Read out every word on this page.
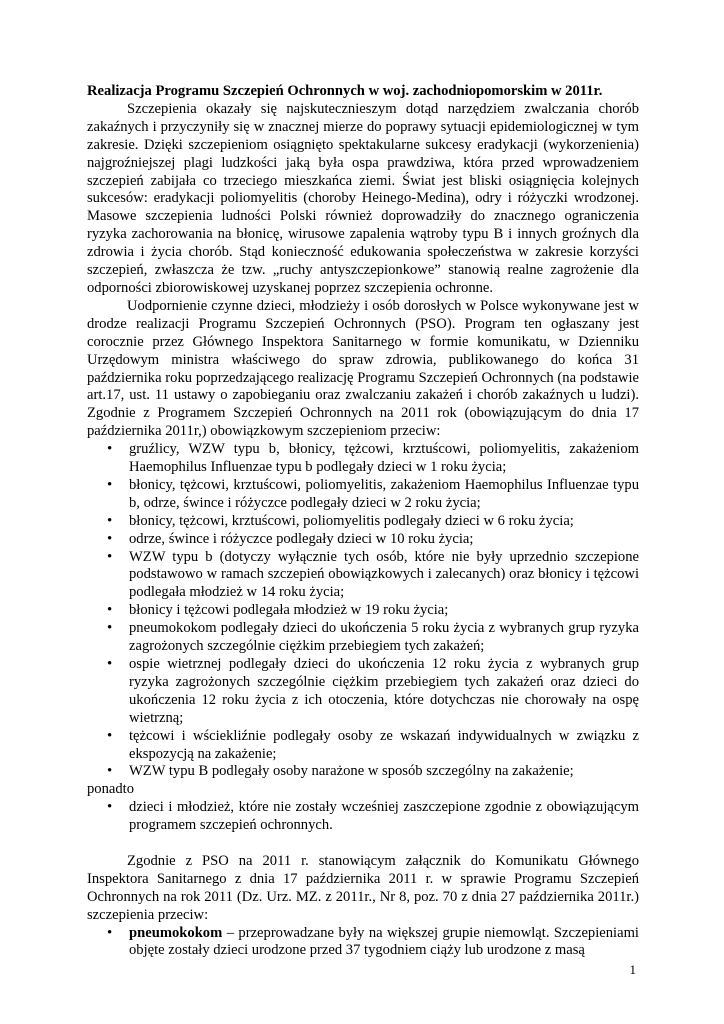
Realizacja Programu Szczepień Ochronnych w woj. zachodniopomorskim w 2011r.

Szczepienia okazały się najskutecznieszym dotąd narzędziem zwalczania chorób zakaźnych i przyczyniły się w znacznej mierze do poprawy sytuacji epidemiologicznej w tym zakresie. Dzięki szczepieniom osiągnięto spektakularne sukcesy eradykacji (wykorzenienia) najgroźniejszej plagi ludzkości jaką była ospa prawdziwa, która przed wprowadzeniem szczepień zabijała co trzeciego mieszkańca ziemi. Świat jest bliski osiągnięcia kolejnych sukcesów: eradykacji poliomyelitis (choroby Heinego-Medina), odry i różyczki wrodzonej. Masowe szczepienia ludności Polski również doprowadziły do znacznego ograniczenia ryzyka zachorowania na błonicę, wirusowe zapalenia wątroby typu B i innych groźnych dla zdrowia i życia chorób. Stąd konieczność edukowania społeczeństwa w zakresie korzyści szczepień, zwłaszcza że tzw. „ruchy antyszczepionkowe” stanowią realne zagrożenie dla odporności zbiorowiskowej uzyskanej poprzez szczepienia ochronne.

Uodpornienie czynne dzieci, młodzieży i osób dorosłych w Polsce wykonywane jest w drodze realizacji Programu Szczepień Ochronnych (PSO). Program ten ogłaszany jest corocznie przez Głównego Inspektora Sanitarnego w formie komunikatu, w Dzienniku Urzędowym ministra właściwego do spraw zdrowia, publikowanego do końca 31 października roku poprzedzającego realizację Programu Szczepień Ochronnych (na podstawie art.17, ust. 11 ustawy o zapobieganiu oraz zwalczaniu zakażeń i chorób zakaźnych u ludzi). Zgodnie z Programem Szczepień Ochronnych na 2011 rok (obowiązującym do dnia 17 października 2011r,) obowiązkowym szczepieniom przeciw:

• gruźlicy, WZW typu b, błonicy, tężcowi, krztuścowi, poliomyelitis, zakażeniom Haemophilus Influenzae typu b podlegały dzieci w 1 roku życia;
• błonicy, tężcowi, krztuścowi, poliomyelitis, zakażeniom Haemophilus Influenzae typu b, odrze, śwince i różyczce podlegały dzieci w 2 roku życia;
• błonicy, tężcowi, krztuścowi, poliomyelitis podlegały dzieci w 6 roku życia;
• odrze, śwince i różyczce podlegały dzieci w 10 roku życia;
• WZW typu b (dotyczy wyłącznie tych osób, które nie były uprzednio szczepione podstawowo w ramach szczepień obowiązkowych i zalecanych) oraz błonicy i tężcowi podlegała młodzież w 14 roku życia;
• błonicy i tężcowi podlegała młodzież w 19 roku życia;
• pneumokokom podlegały dzieci do ukończenia 5 roku życia z wybranych grup ryzyka zagrożonych szczególnie ciężkim przebiegiem tych zakażeń;
• ospie wietrznej podlegały dzieci do ukończenia 12 roku życia z wybranych grup ryzyka zagrożonych szczególnie ciężkim przebiegiem tych zakażeń oraz dzieci do ukończenia 12 roku życia z ich otoczenia, które dotychczas nie chorowały na ospę wietrzną;
• tężcowi i wściekliźnie podlegały osoby ze wskazań indywidualnych w związku z ekspozycją na zakażenie;
• WZW typu B podlegały osoby narażone w sposób szczególny na zakażenie;

ponadto

• dzieci i młodzież, które nie zostały wcześniej zaszczepione zgodnie z obowiązującym programem szczepień ochronnych.

Zgodnie z PSO na 2011 r. stanowiącym załącznik do Komunikatu Głównego Inspektora Sanitarnego z dnia 17 października 2011 r. w sprawie Programu Szczepień Ochronnych na rok 2011 (Dz. Urz. MZ. z 2011r., Nr 8, poz. 70 z dnia 27 października 2011r.) szczepienia przeciw:

• pneumokokom – przeprowadzane były na większej grupie niemowląt. Szczepieniami objęte zostały dzieci urodzone przed 37 tygodniem ciąży lub urodzone z masą
1
